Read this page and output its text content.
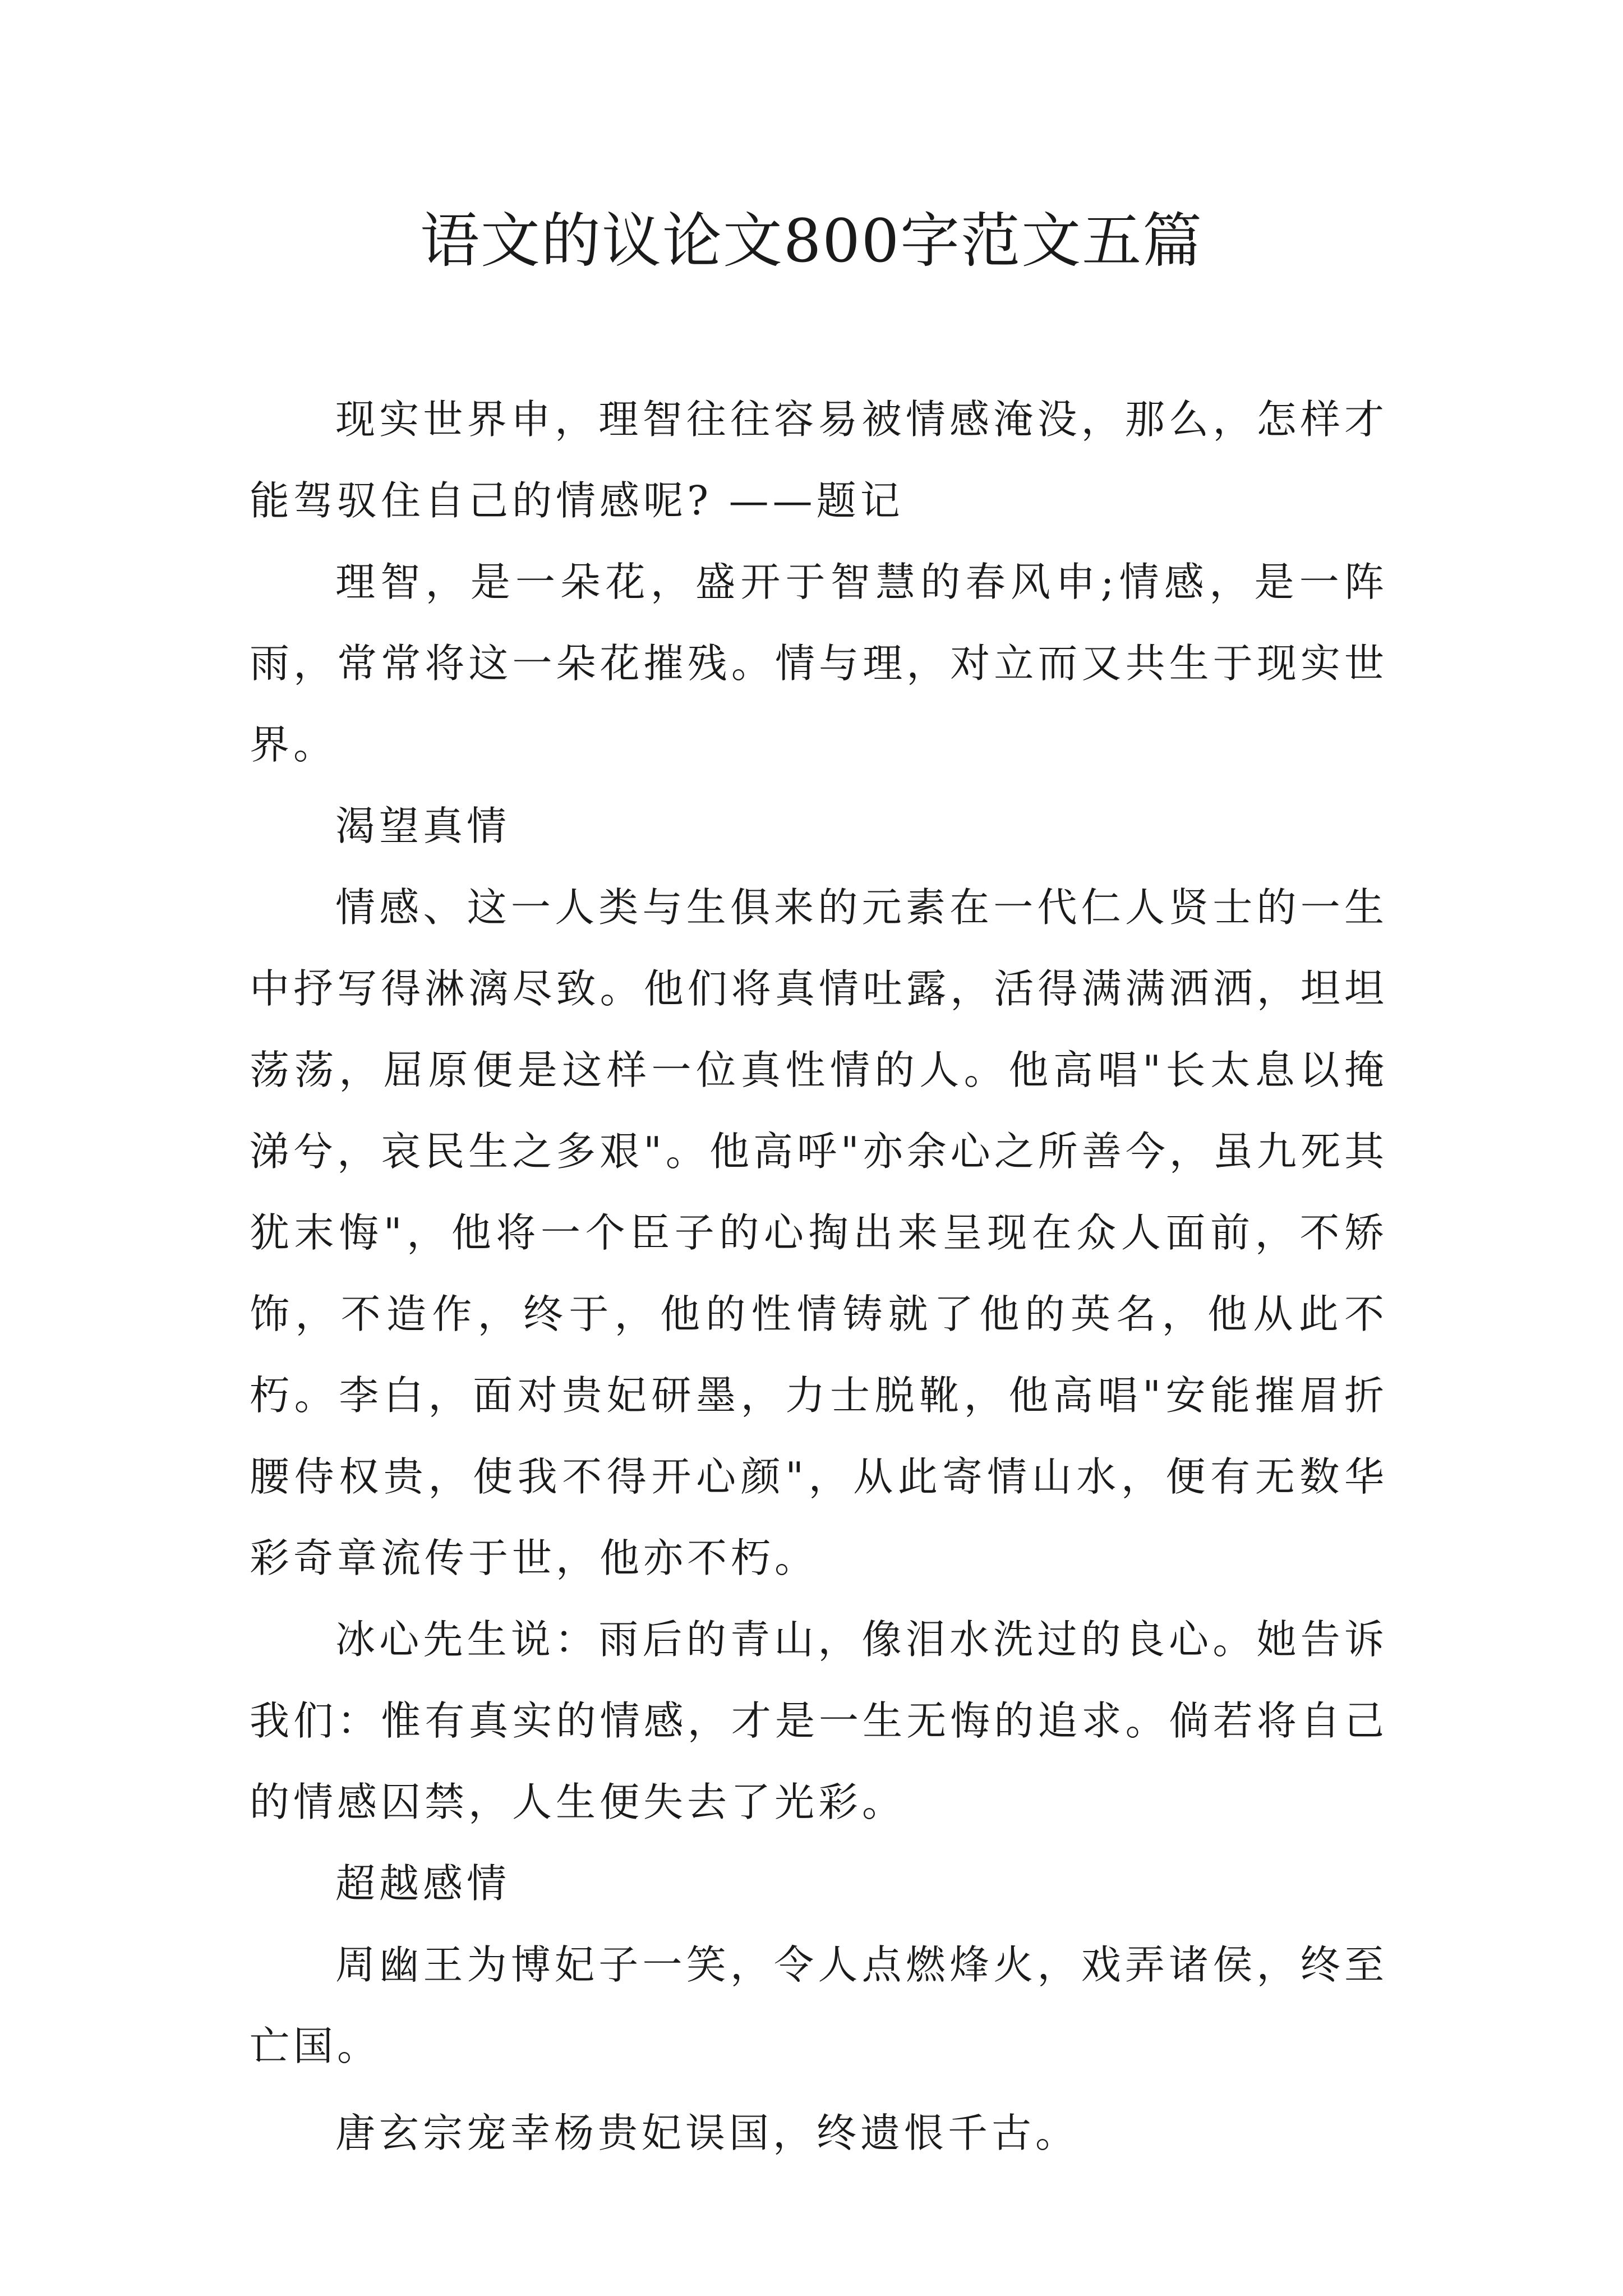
语文的议论文800字范文五篇

现实世界申，理智往往容易被情感淹没，那么，怎样才能驾驭住自己的情感呢? ——题记

理智，是一朵花，盛开于智慧的春风申;情感，是一阵雨，常常将这一朵花摧残。情与理，对立而又共生于现实世界。

渴望真情

情感、这一人类与生俱来的元素在一代仁人贤士的一生中抒写得淋漓尽致。他们将真情吐露，活得满满洒洒，坦坦荡荡，屈原便是这样一位真性情的人。他高唱"长太息以掩涕兮，哀民生之多艰"。他高呼"亦余心之所善今，虽九死其犹末悔"，他将一个臣子的心掏出来呈现在众人面前，不矫饰，不造作，终于，他的性情铸就了他的英名，他从此不朽。李白，面对贵妃研墨，力士脱靴，他高唱"安能摧眉折腰侍权贵，使我不得开心颜"，从此寄情山水，便有无数华彩奇章流传于世，他亦不朽。

冰心先生说：雨后的青山，像泪水洗过的良心。她告诉我们：惟有真实的情感，才是一生无悔的追求。倘若将自己的情感囚禁，人生便失去了光彩。

超越感情

周幽王为博妃子一笑，令人点燃烽火，戏弄诸侯，终至亡国。

唐玄宗宠幸杨贵妃误国，终遗恨千古。
